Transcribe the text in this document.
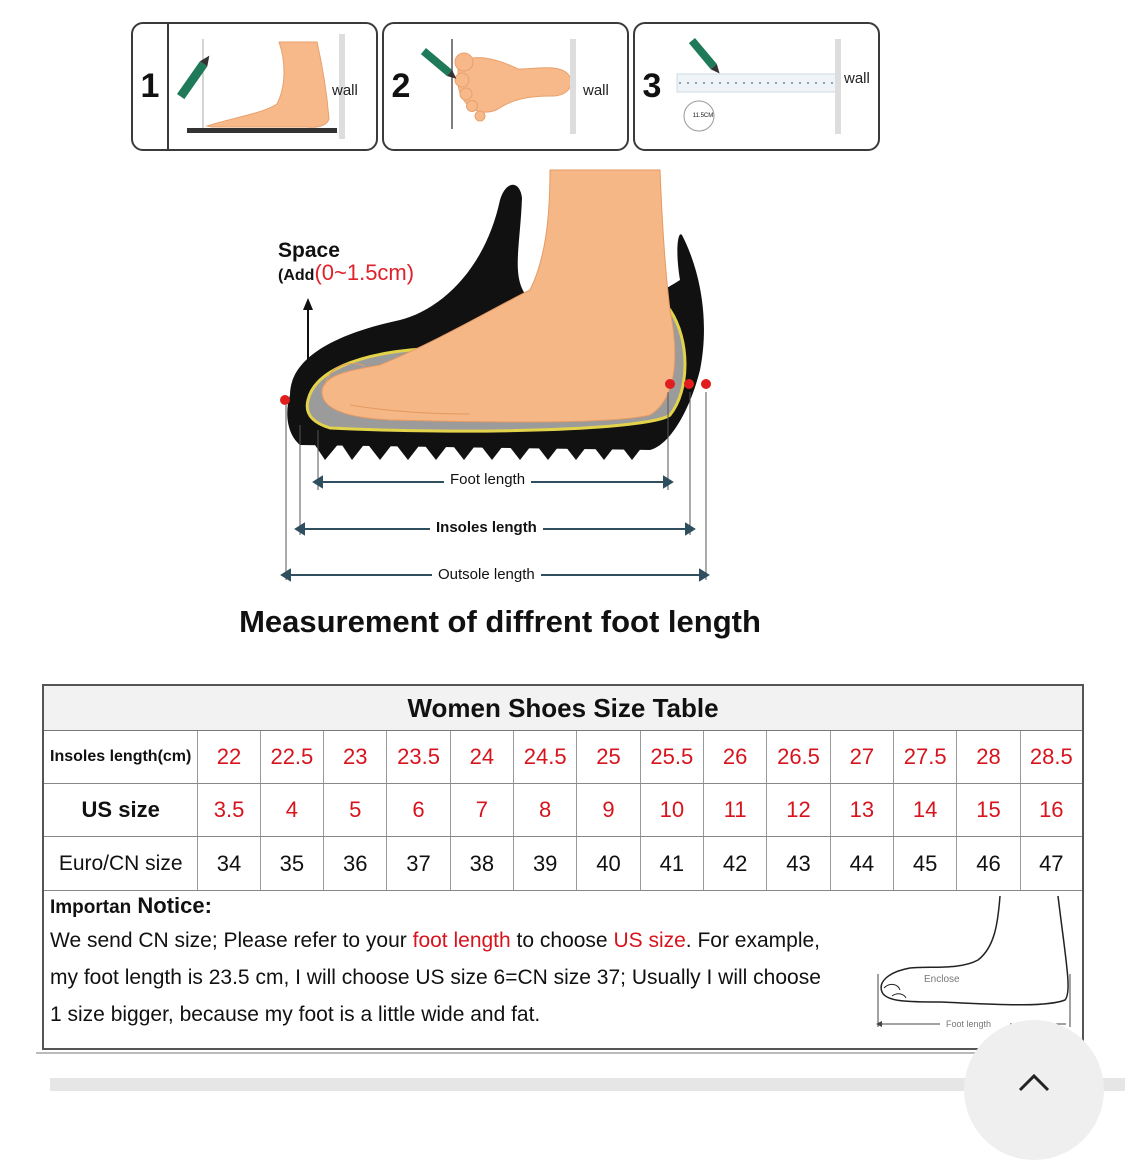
1	wall 2	wall 3
11.5CM
wall
Space
(Add(0~1.5cm)
Foot length
Insoles length
Outsole length
Measurement of diffrent foot length
Women Shoes Size Table
Insoles length(cm)	22	22.5	23	23.5	24	24.5	25	25.5	26	26.5	27	27.5	28	28.5
US size	3.5	4	5	6	7	8	9	10	11	12	13	14	15	16
Euro/CN size	34	35	36	37	38	39	40	41	42	43	44	45	46	47
Importan Notice:
We send CN size; Please refer to your foot length to choose US size. For example,
my foot length is 23.5 cm, I will choose US size 6=CN size 37; Usually I will choose
1 size bigger, because my foot is a little wide and fat.
Enclose
Foot length
